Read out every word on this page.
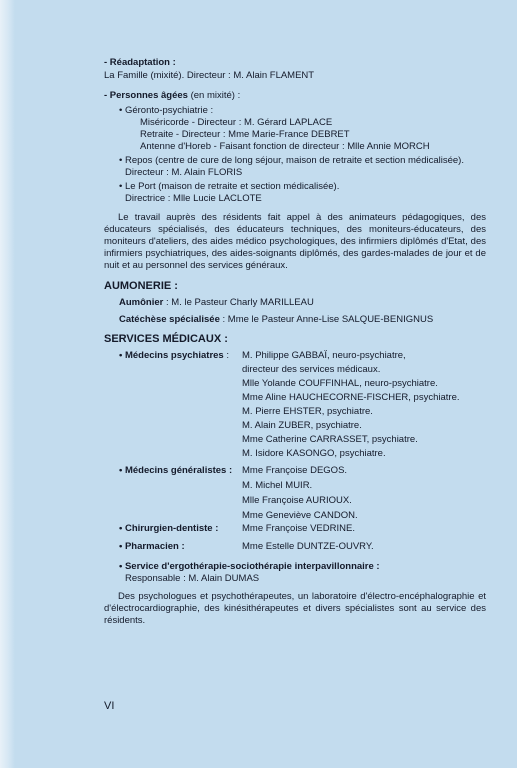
- Réadaptation :
La Famille (mixité). Directeur : M. Alain FLAMENT
- Personnes âgées (en mixité) :
• Géronto-psychiatrie :
Miséricorde - Directeur : M. Gérard LAPLACE
Retraite - Directeur : Mme Marie-France DEBRET
Antenne d'Horeb - Faisant fonction de directeur : Mlle Annie MORCH
• Repos (centre de cure de long séjour, maison de retraite et section médicalisée).
Directeur : M. Alain FLORIS
• Le Port (maison de retraite et section médicalisée).
Directrice : Mlle Lucie LACLOTE
Le travail auprès des résidents fait appel à des animateurs pédagogiques, des éducateurs spécialisés, des éducateurs techniques, des moniteurs-éducateurs, des moniteurs d'ateliers, des aides médico psychologiques, des infirmiers diplômés d'Etat, des infirmiers psychiatriques, des aides-soignants diplômés, des gardes-malades de jour et de nuit et au personnel des services généraux.
AUMONERIE :
Aumônier : M. le Pasteur Charly MARILLEAU
Catéchèse spécialisée : Mme le Pasteur Anne-Lise SALQUE-BENIGNUS
SERVICES MÉDICAUX :
• Médecins psychiatres : M. Philippe GABBAÏ, neuro-psychiatre,
directeur des services médicaux.
Mlle Yolande COUFFINHAL, neuro-psychiatre.
Mme Aline HAUCHECORNE-FISCHER, psychiatre.
M. Pierre EHSTER, psychiatre.
M. Alain ZUBER, psychiatre.
Mme Catherine CARRASSET, psychiatre.
M. Isidore KASONGO, psychiatre.
• Médecins généralistes : Mme Françoise DEGOS.
M. Michel MUIR.
Mlle Françoise AURIOUX.
Mme Geneviève CANDON.
• Chirurgien-dentiste : Mme Françoise VEDRINE.
• Pharmacien :	Mme Estelle DUNTZE-OUVRY.
• Service d'ergothérapie-sociothérapie interpavillonnaire :
Responsable : M. Alain DUMAS
Des psychologues et psychothérapeutes, un laboratoire d'électro-encéphalographie et d'électrocardiographie, des kinésithérapeutes et divers spécialistes sont au service des résidents.
VI
